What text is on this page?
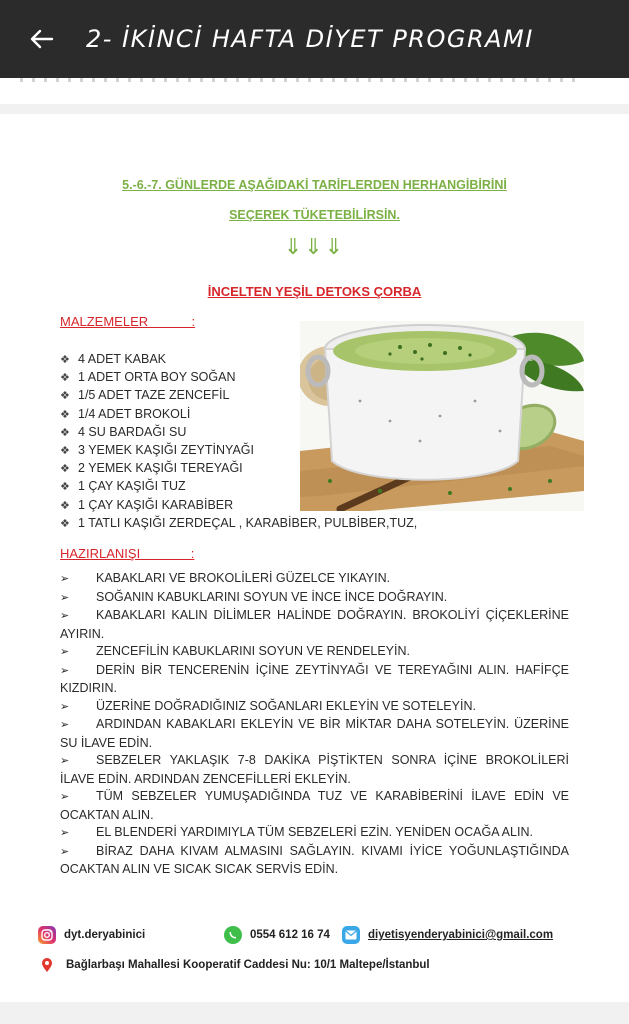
2- İKİNCİ HAFTA DİYET PROGRAMI
5.-6.-7. GÜNLERDE AŞAĞIDAKİ TARİFLERDEN HERHANGİBİRİNİ
SEÇEREK TÜKETEBİLİRSİN.
⇓⇓⇓
İNCELTEN YEŞİL DETOKS ÇORBA
MALZEMELER            :
❖ 4 ADET KABAK
❖ 1 ADET ORTA BOY SOĞAN
❖ 1/5 ADET TAZE ZENCEFİL
❖ 1/4 ADET BROKOLİ
❖ 4 SU BARDAĞI SU
❖ 3 YEMEK KAŞIĞI ZEYTİNYAĞI
❖ 2 YEMEK KAŞIĞI TEREYAĞI
❖ 1 ÇAY KAŞIĞI TUZ
❖ 1 ÇAY KAŞIĞI KARABİBER
❖ 1 TATLI KAŞIĞI ZERDEÇAL , KARABİBER, PULBİBER,TUZ,
HAZIRLANIŞI              :
➢ KABAKLARI VE BROKOLİLERİ GÜZELCE YIKAYIN.
➢ SOĞANIN KABUKLARINI SOYUN VE İNCE İNCE DOĞRAYIN.
➢ KABAKLARI KALIN DİLİMLER HALİNDE DOĞRAYIN. BROKOLİYİ ÇİÇEKLERİNE AYIRIN.
➢ ZENCEFİLİN KABUKLARINI SOYUN VE RENDELEYİN.
➢ DERİN BİR TENCERENİN İÇİNE ZEYTİNYAĞI VE TEREYAĞINI ALIN. HAFİFÇE KIZDIRIN.
➢ ÜZERİNE DOĞRADIĞINIZ SOĞANLARI EKLEYİN VE SOTELEYİN.
➢ ARDINDAN KABAKLARI EKLEYİN VE BİR MİKTAR DAHA SOTELEYİN. ÜZERİNE SU İLAVE EDİN.
➢ SEBZELER YAKLAŞIK 7-8 DAKİKA PİŞTİKTEN SONRA İÇİNE BROKOLİLERİ İLAVE EDİN. ARDINDAN ZENCEFİLLERİ EKLEYİN.
➢ TÜM SEBZELER YUMUŞADIĞINDA TUZ VE KARABİBERİNİ İLAVE EDİN VE OCAKTAN ALIN.
➢ EL BLENDERİ YARDIMIYLA TÜM SEBZELERİ EZİN. YENİDEN OCAĞA ALIN.
➢ BİRAZ DAHA KIVAM ALMASINI SAĞLAYIN. KIVAMI İYİCE YOĞUNLAŞTIĞINDA OCAKTAN ALIN VE SICAK SICAK SERVİS EDİN.
dyt.deryabinici	0554 612 16 74	diyetisyenderyabinici@gmail.com
Bağlarbaşı Mahallesi Kooperatif Caddesi Nu: 10/1 Maltepe/İstanbul
